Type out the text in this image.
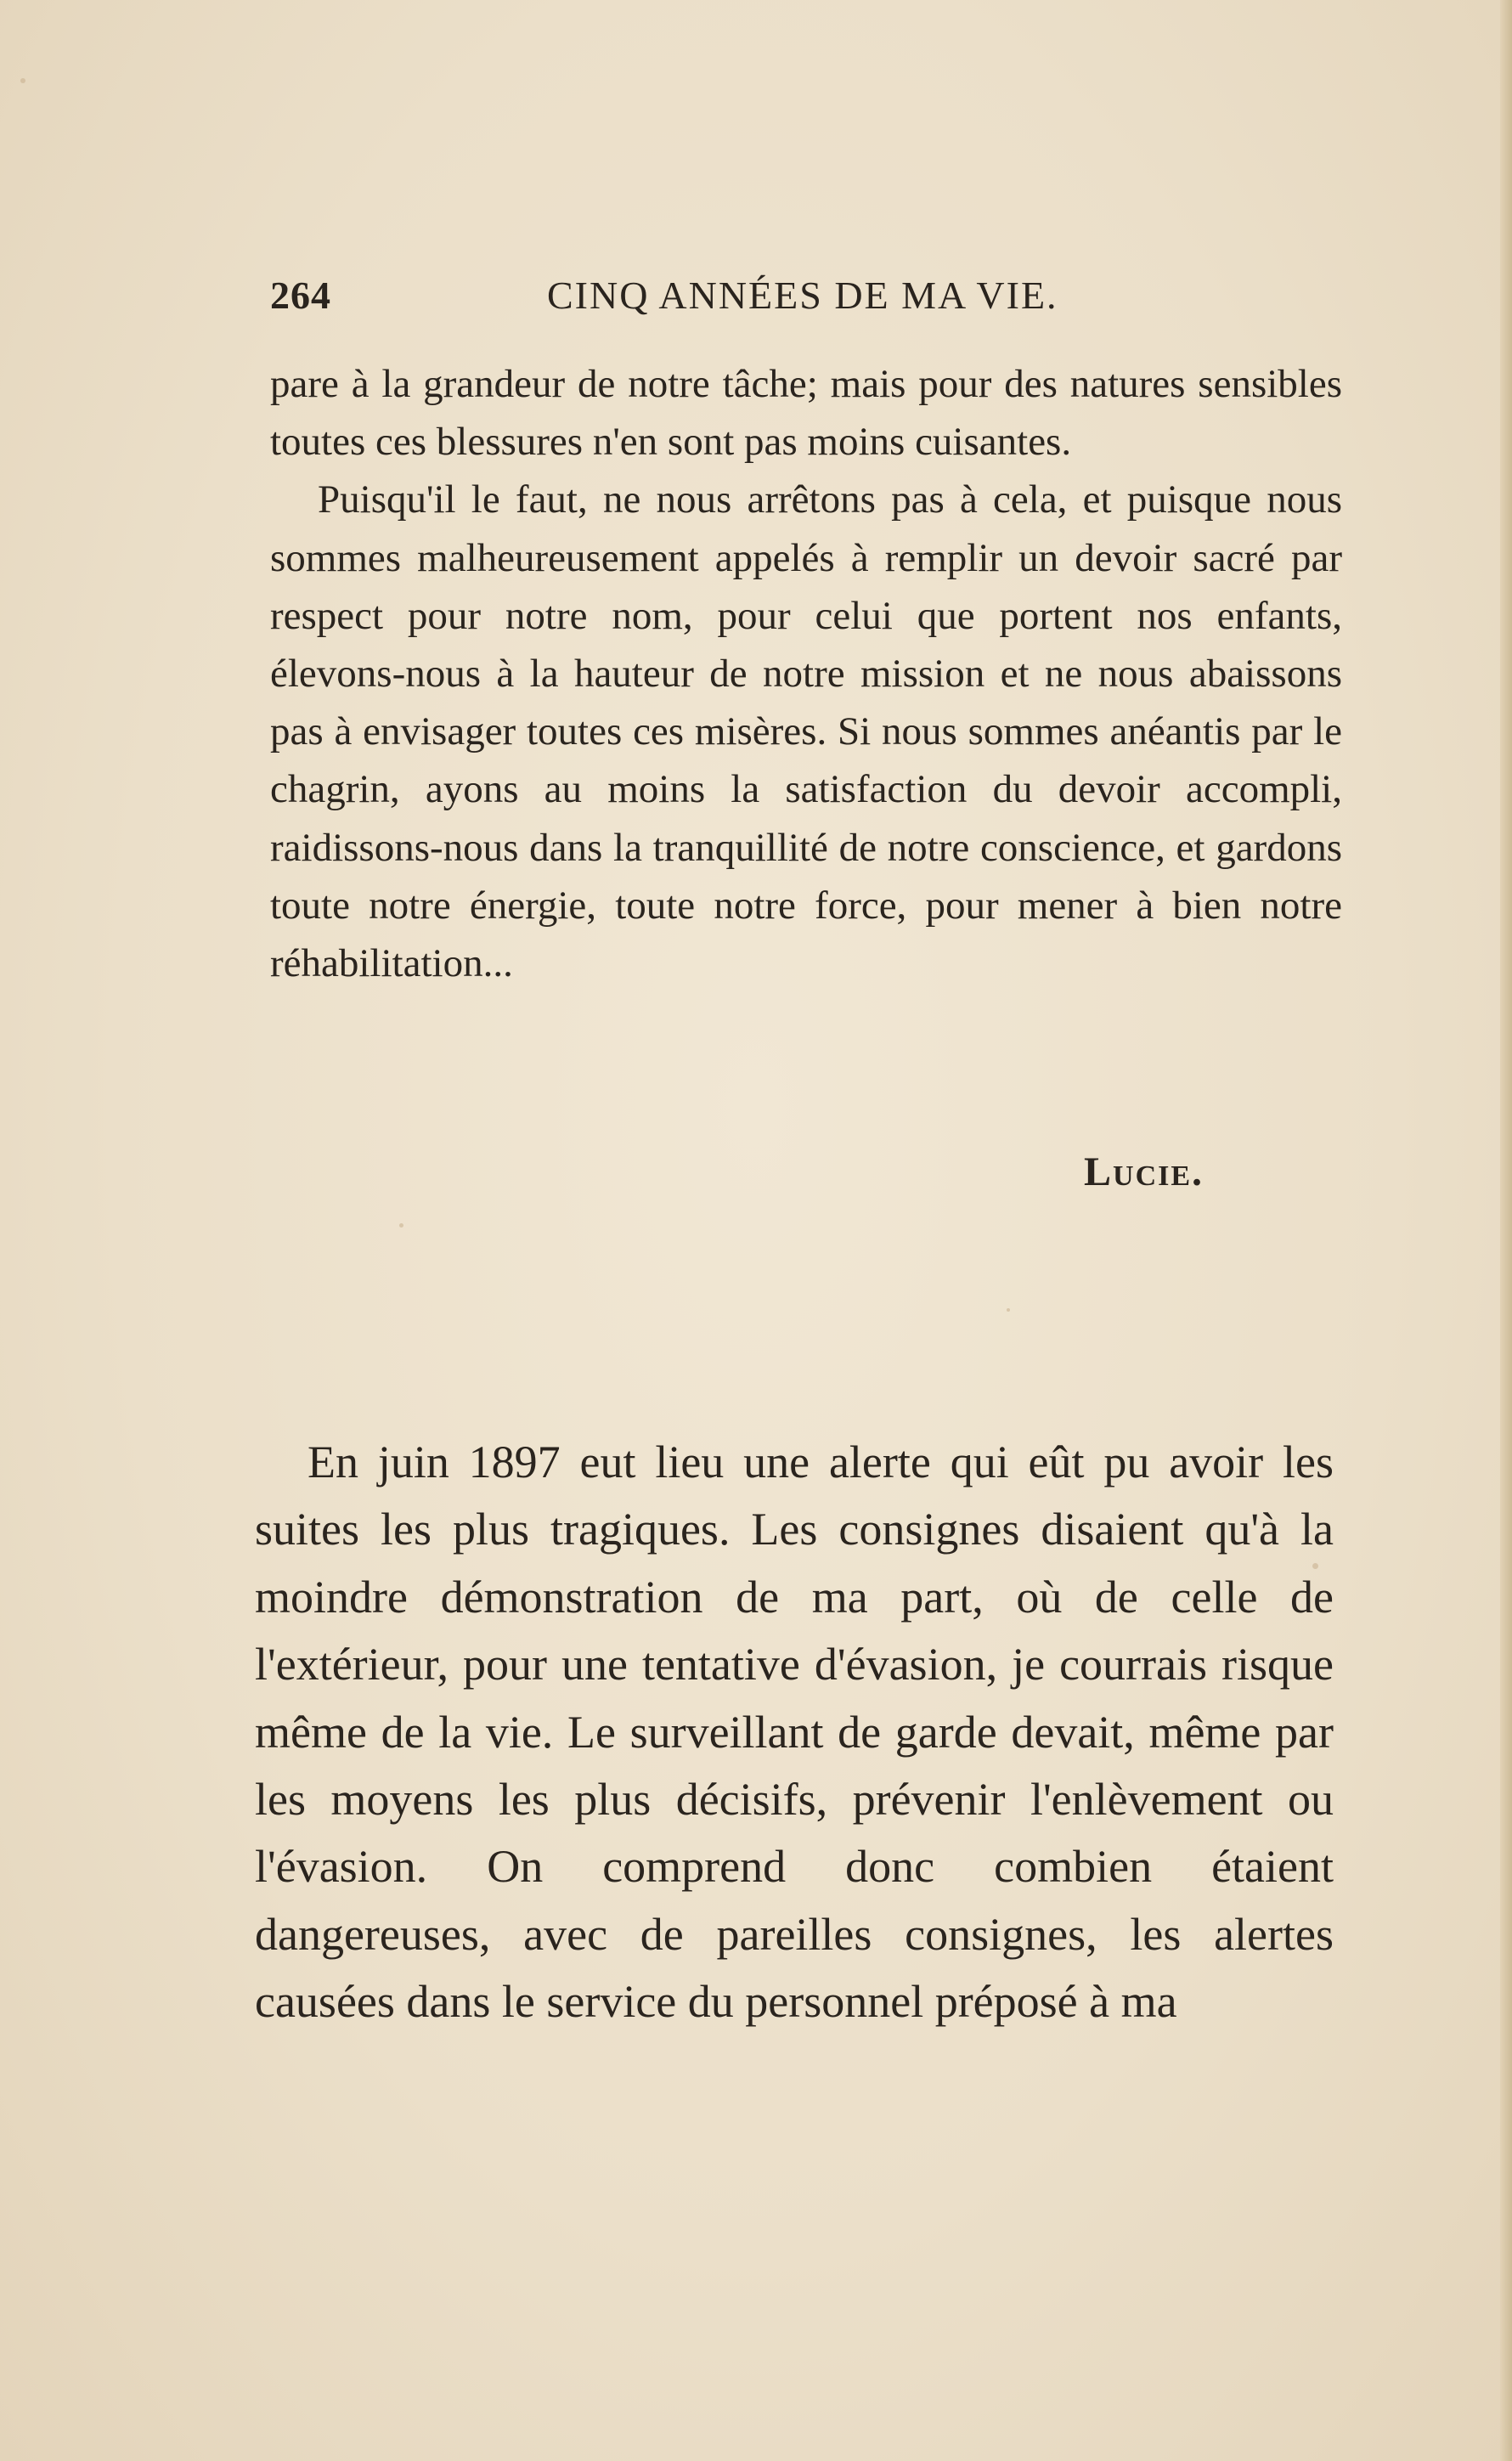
264	CINQ ANNÉES DE MA VIE.

pare à la grandeur de notre tâche; mais pour des natures sensibles toutes ces blessures n'en sont pas moins cuisantes.

Puisqu'il le faut, ne nous arrêtons pas à cela, et puisque nous sommes malheureusement appelés à remplir un devoir sacré par respect pour notre nom, pour celui que portent nos enfants, élevons-nous à la hauteur de notre mission et ne nous abaissons pas à envisager toutes ces misères. Si nous sommes anéantis par le chagrin, ayons au moins la satisfaction du devoir accompli, raidissons-nous dans la tranquillité de notre conscience, et gardons toute notre énergie, toute notre force, pour mener à bien notre réhabilitation...

Lucie.

En juin 1897 eut lieu une alerte qui eût pu avoir les suites les plus tragiques. Les consignes disaient qu'à la moindre démonstration de ma part, où de celle de l'extérieur, pour une tentative d'évasion, je courrais risque même de la vie. Le surveillant de garde devait, même par les moyens les plus décisifs, prévenir l'enlèvement ou l'évasion. On comprend donc combien étaient dangereuses, avec de pareilles consignes, les alertes causées dans le service du personnel préposé à ma
